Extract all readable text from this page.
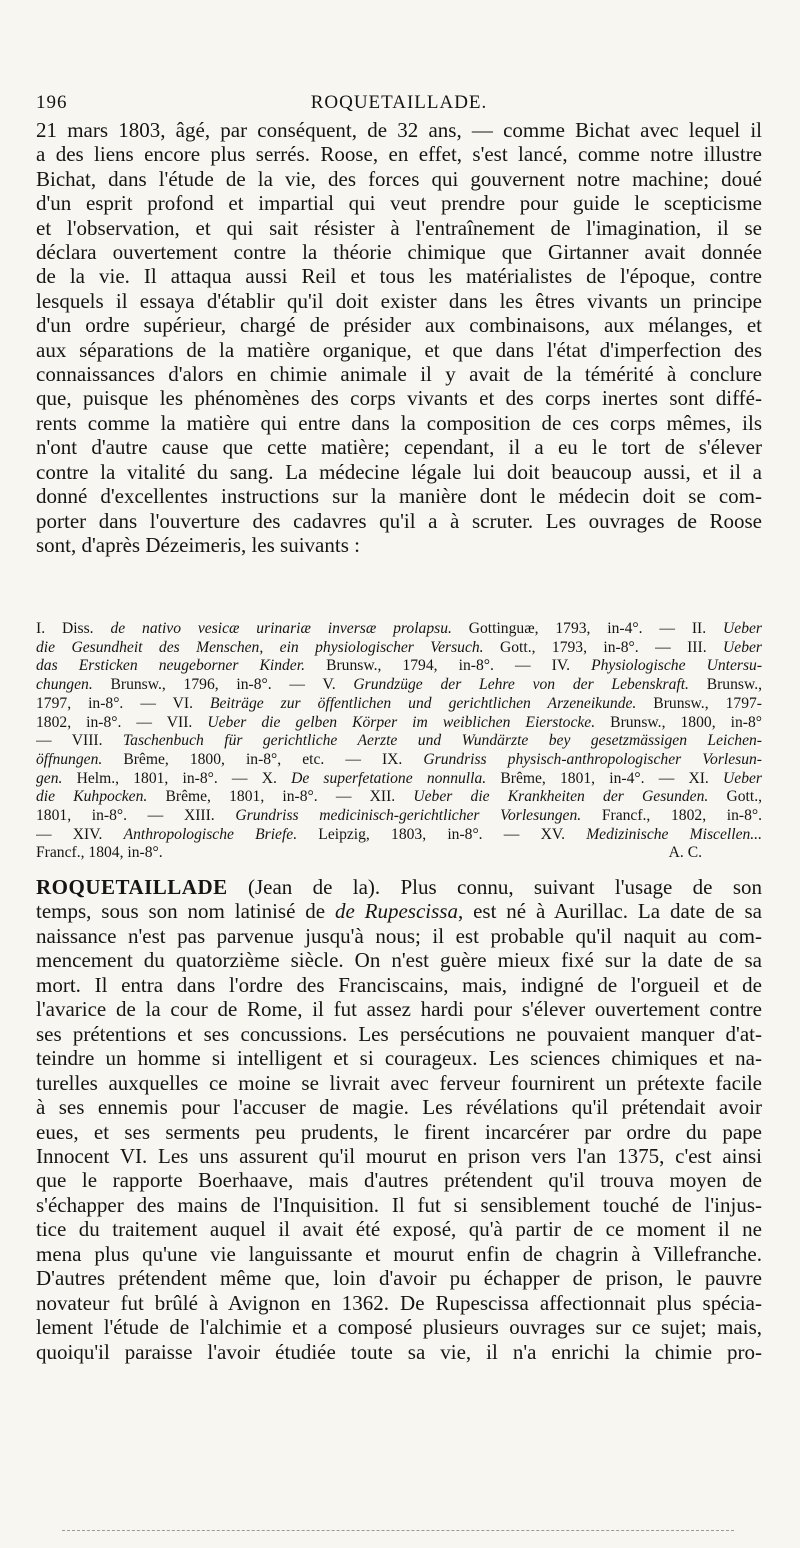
196	ROQUETAILLADE.
21 mars 1803, âgé, par conséquent, de 32 ans, — comme Bichat avec lequel il
a des liens encore plus serrés. Roose, en effet, s'est lancé, comme notre illustre
Bichat, dans l'étude de la vie, des forces qui gouvernent notre machine; doué
d'un esprit profond et impartial qui veut prendre pour guide le scepticisme
et l'observation, et qui sait résister à l'entraînement de l'imagination, il se
déclara ouvertement contre la théorie chimique que Girtanner avait donnée
de la vie. Il attaqua aussi Reil et tous les matérialistes de l'époque, contre
lesquels il essaya d'établir qu'il doit exister dans les êtres vivants un principe
d'un ordre supérieur, chargé de présider aux combinaisons, aux mélanges, et
aux séparations de la matière organique, et que dans l'état d'imperfection des
connaissances d'alors en chimie animale il y avait de la témérité à conclure
que, puisque les phénomènes des corps vivants et des corps inertes sont diffé-
rents comme la matière qui entre dans la composition de ces corps mêmes, ils
n'ont d'autre cause que cette matière; cependant, il a eu le tort de s'élever
contre la vitalité du sang. La médecine légale lui doit beaucoup aussi, et il a
donné d'excellentes instructions sur la manière dont le médecin doit se com-
porter dans l'ouverture des cadavres qu'il a à scruter. Les ouvrages de Roose
sont, d'après Dézeimeris, les suivants :
I. Diss. de nativo vesicæ urinariæ inversæ prolapsu. Gottinguæ, 1793, in-4°. — II. Ueber
die Gesundheit des Menschen, ein physiologischer Versuch. Gott., 1793, in-8°. — III. Ueber
das Ersticken neugeborner Kinder. Brunsw., 1794, in-8°. — IV. Physiologische Untersu-
chungen. Brunsw., 1796, in-8°. — V. Grundzüge der Lehre von der Lebenskraft. Brunsw.,
1797, in-8°. — VI. Beiträge zur öffentlichen und gerichtlichen Arzeneikunde. Brunsw., 1797-
1802, in-8°. — VII. Ueber die gelben Körper im weiblichen Eierstocke. Brunsw., 1800, in-8°
— VIII. Taschenbuch für gerichtliche Aerzte und Wundärzte bey gesetzmässigen Leichen-
öffnungen. Brême, 1800, in-8°, etc. — IX. Grundriss physisch-anthropologischer Vorlesun-
gen. Helm., 1801, in-8°. — X. De superfetatione nonnulla. Brême, 1801, in-4°. — XI. Ueber
die Kuhpocken. Brême, 1801, in-8°. — XII. Ueber die Krankheiten der Gesunden. Gott.,
1801, in-8°. — XIII. Grundriss medicinisch-gerichtlicher Vorlesungen. Francf., 1802, in-8°.
— XIV. Anthropologische Briefe. Leipzig, 1803, in-8°. — XV. Medizinische Miscellen...
A. C.
Francf., 1804, in-8°.
ROQUETAILLADE (Jean de la). Plus connu, suivant l'usage de son
temps, sous son nom latinisé de de Rupescissa, est né à Aurillac. La date de sa
naissance n'est pas parvenue jusqu'à nous; il est probable qu'il naquit au com-
mencement du quatorzième siècle. On n'est guère mieux fixé sur la date de sa
mort. Il entra dans l'ordre des Franciscains, mais, indigné de l'orgueil et de
l'avarice de la cour de Rome, il fut assez hardi pour s'élever ouvertement contre
ses prétentions et ses concussions. Les persécutions ne pouvaient manquer d'at-
teindre un homme si intelligent et si courageux. Les sciences chimiques et na-
turelles auxquelles ce moine se livrait avec ferveur fournirent un prétexte facile
à ses ennemis pour l'accuser de magie. Les révélations qu'il prétendait avoir
eues, et ses serments peu prudents, le firent incarcérer par ordre du pape
Innocent VI. Les uns assurent qu'il mourut en prison vers l'an 1375, c'est ainsi
que le rapporte Boerhaave, mais d'autres prétendent qu'il trouva moyen de
s'échapper des mains de l'Inquisition. Il fut si sensiblement touché de l'injus-
tice du traitement auquel il avait été exposé, qu'à partir de ce moment il ne
mena plus qu'une vie languissante et mourut enfin de chagrin à Villefranche.
D'autres prétendent même que, loin d'avoir pu échapper de prison, le pauvre
novateur fut brûlé à Avignon en 1362. De Rupescissa affectionnait plus spécia-
lement l'étude de l'alchimie et a composé plusieurs ouvrages sur ce sujet; mais,
quoiqu'il paraisse l'avoir étudiée toute sa vie, il n'a enrichi la chimie pro-
